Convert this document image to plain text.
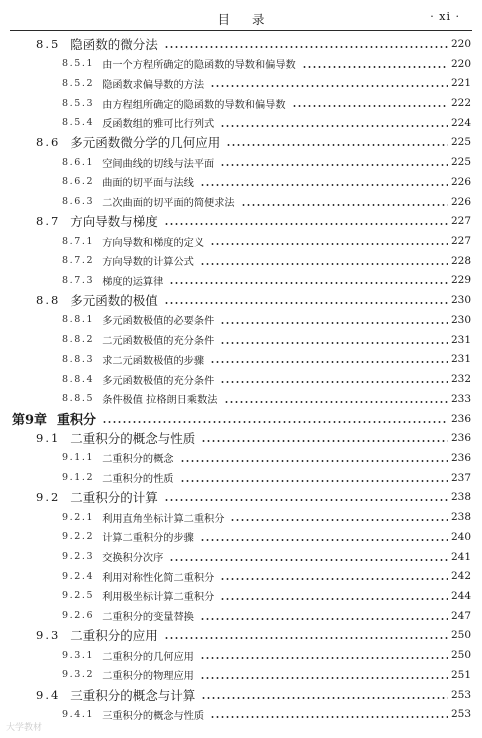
目录	· xi ·
8.5 隐函数的微分法	220
8.5.1 由一个方程所确定的隐函数的导数和偏导数	220
8.5.2 隐函数求偏导数的方法	221
8.5.3 由方程组所确定的隐函数的导数和偏导数	222
8.5.4 反函数组的雅可比行列式	224
8.6 多元函数微分学的几何应用	225
8.6.1 空间曲线的切线与法平面	225
8.6.2 曲面的切平面与法线	226
8.6.3 二次曲面的切平面的简便求法	226
8.7 方向导数与梯度	227
8.7.1 方向导数和梯度的定义	227
8.7.2 方向导数的计算公式	228
8.7.3 梯度的运算律	229
8.8 多元函数的极值	230
8.8.1 多元函数极值的必要条件	230
8.8.2 二元函数极值的充分条件	231
8.8.3 求二元函数极值的步骤	231
8.8.4 多元函数极值的充分条件	232
8.8.5 条件极值 拉格朗日乘数法	233
第9章 重积分	236
9.1 二重积分的概念与性质	236
9.1.1 二重积分的概念	236
9.1.2 二重积分的性质	237
9.2 二重积分的计算	238
9.2.1 利用直角坐标计算二重积分	238
9.2.2 计算二重积分的步骤	240
9.2.3 交换积分次序	241
9.2.4 利用对称性化简二重积分	242
9.2.5 利用极坐标计算二重积分	244
9.2.6 二重积分的变量替换	247
9.3 二重积分的应用	250
9.3.1 二重积分的几何应用	250
9.3.2 二重积分的物理应用	251
9.4 三重积分的概念与计算	253
9.4.1 三重积分的概念与性质	253
大学教材
